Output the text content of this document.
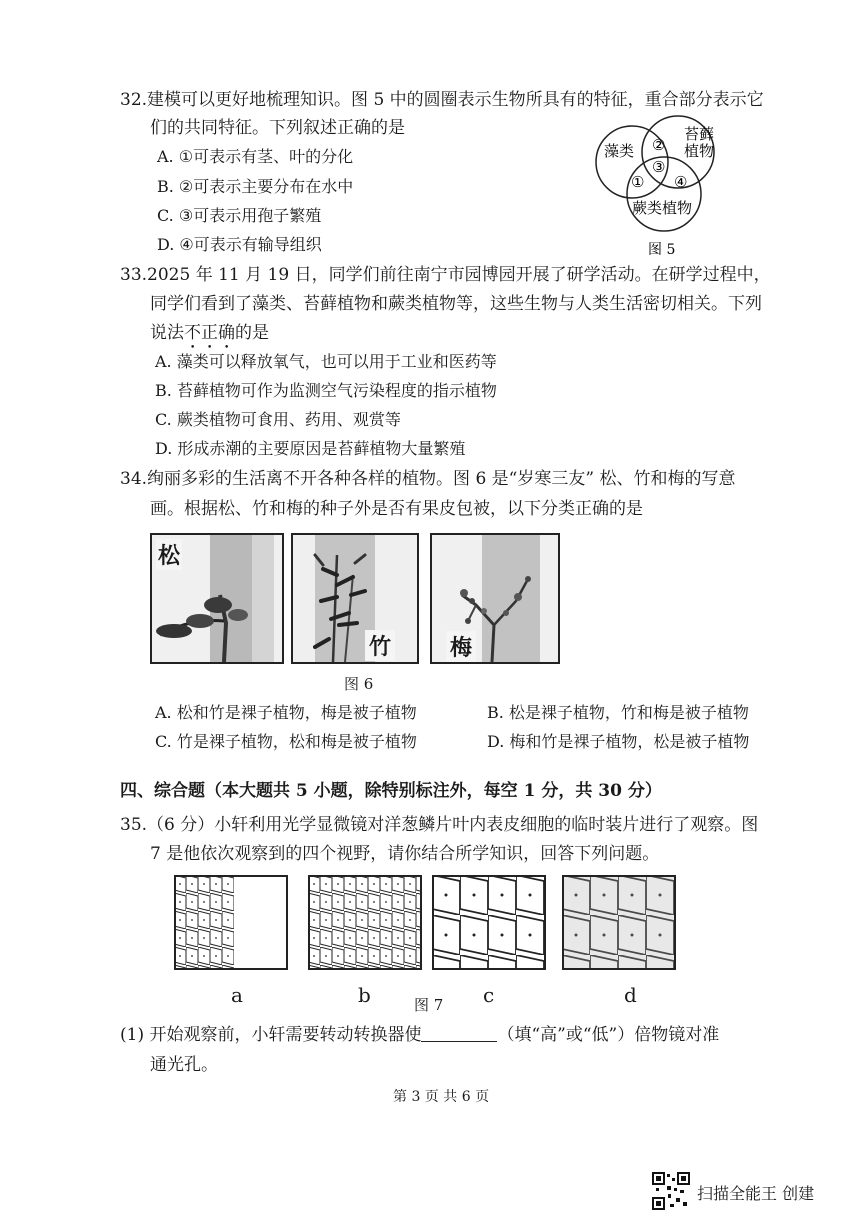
32.建模可以更好地梳理知识。图 5 中的圆圈表示生物所具有的特征，重合部分表示它
们的共同特征。下列叙述正确的是
A. ①可表示有茎、叶的分化
B. ②可表示主要分布在水中
C. ③可表示用孢子繁殖
D. ④可表示有输导组织
藻类
苔藓
植物
蕨类植物
②
③
① ④
图 5
33.2025 年 11 月 19 日，同学们前往南宁市园博园开展了研学活动。在研学过程中，
同学们看到了藻类、苔藓植物和蕨类植物等，这些生物与人类生活密切相关。下列
说法不正确的是
A. 藻类可以释放氧气，也可以用于工业和医药等
B. 苔藓植物可作为监测空气污染程度的指示植物
C. 蕨类植物可食用、药用、观赏等
D. 形成赤潮的主要原因是苔藓植物大量繁殖
34.绚丽多彩的生活离不开各种各样的植物。图 6 是“岁寒三友” 松、竹和梅的写意
画。根据松、竹和梅的种子外是否有果皮包被，以下分类正确的是
松
竹	梅
图 6
A. 松和竹是裸子植物，梅是被子植物	B. 松是裸子植物，竹和梅是被子植物
C. 竹是裸子植物，松和梅是被子植物	D. 梅和竹是裸子植物，松是被子植物
四、综合题（本大题共 5 小题，除特别标注外，每空 1 分，共 30 分）
35.（6 分）小轩利用光学显微镜对洋葱鳞片叶内表皮细胞的临时装片进行了观察。图
7 是他依次观察到的四个视野，请你结合所学知识，回答下列问题。
a	b	图 7 c	d
(1) 开始观察前，小轩需要转动转换器使	（填“高”或“低”）倍物镜对准
通光孔。
第 3 页 共 6 页
扫描全能王 创建
